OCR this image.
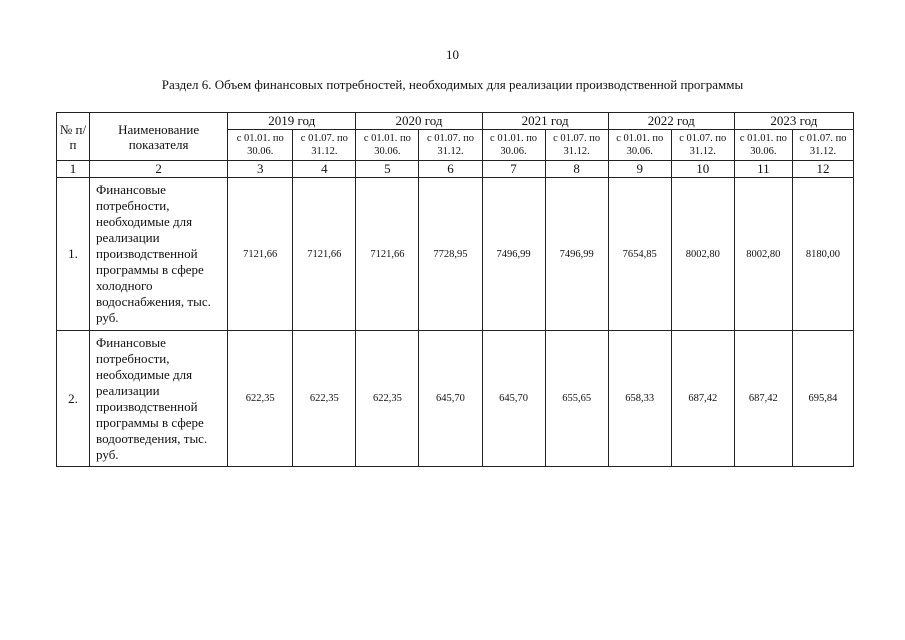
10
Раздел 6. Объем финансовых потребностей, необходимых для реализации производственной программы
№ п/п	Наименование показателя	2019 год		2020 год		2021 год		2022 год		2023 год	
		с 01.01. по 30.06.	с 01.07. по 31.12.	с 01.01. по 30.06.	с 01.07. по 31.12.	с 01.01. по 30.06.	с 01.07. по 31.12.	с 01.01. по 30.06.	с 01.07. по 31.12.	с 01.01. по 30.06.	с 01.07. по 31.12.
1	2	3	4	5	6	7	8	9	10	11	12
1.	Финансовые потребности, необходимые для реализации производственной программы в сфере холодного водоснабжения, тыс. руб.	7121,66	7121,66	7121,66	7728,95	7496,99	7496,99	7654,85	8002,80	8002,80	8180,00
2.	Финансовые потребности, необходимые для реализации производственной программы в сфере водоотведения, тыс. руб.	622,35	622,35	622,35	645,70	645,70	655,65	658,33	687,42	687,42	695,84
